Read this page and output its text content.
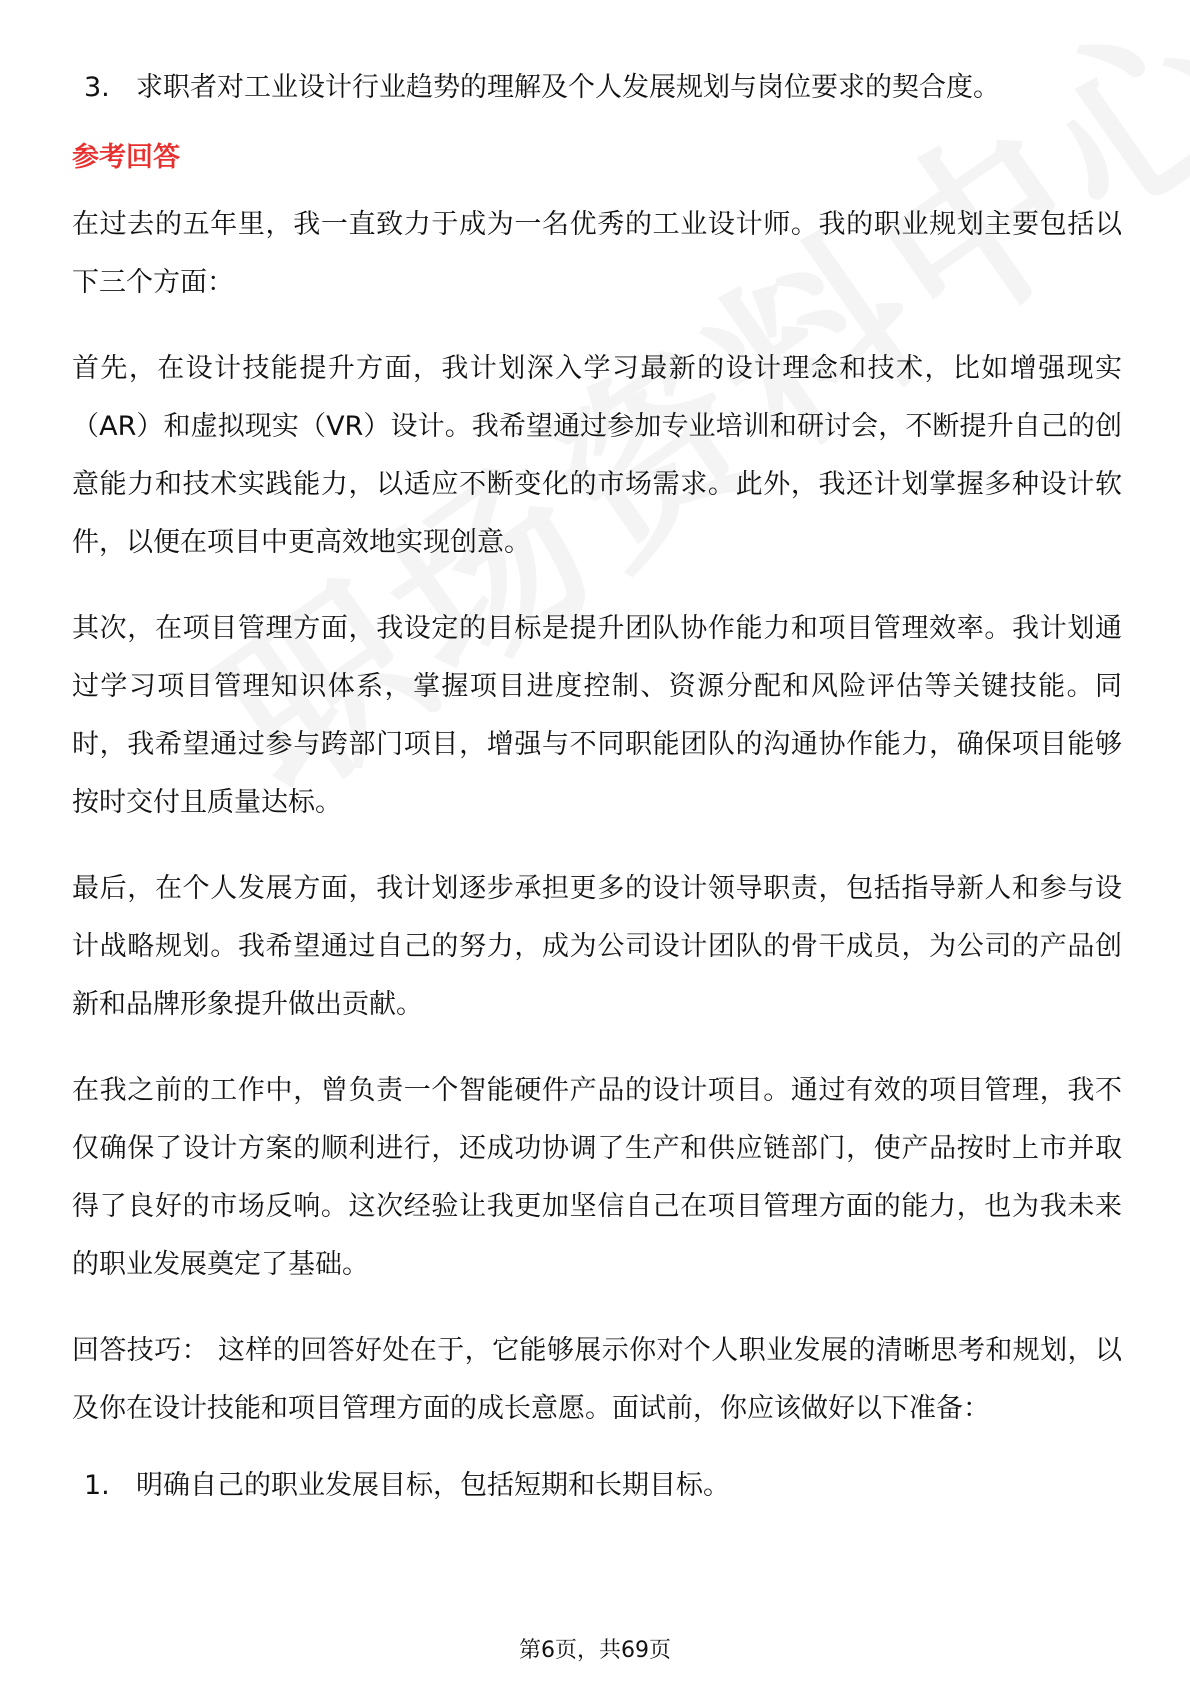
3. 求职者对工业设计行业趋势的理解及个人发展规划与岗位要求的契合度。
参考回答

在过去的五年里，我一直致力于成为一名优秀的工业设计师。我的职业规划主要包括以下三个方面：

首先，在设计技能提升方面，我计划深入学习最新的设计理念和技术，比如增强现实（AR）和虚拟现实（VR）设计。我希望通过参加专业培训和研讨会，不断提升自己的创意能力和技术实践能力，以适应不断变化的市场需求。此外，我还计划掌握多种设计软件，以便在项目中更高效地实现创意。

其次，在项目管理方面，我设定的目标是提升团队协作能力和项目管理效率。我计划通过学习项目管理知识体系，掌握项目进度控制、资源分配和风险评估等关键技能。同时，我希望通过参与跨部门项目，增强与不同职能团队的沟通协作能力，确保项目能够按时交付且质量达标。

最后，在个人发展方面，我计划逐步承担更多的设计领导职责，包括指导新人和参与设计战略规划。我希望通过自己的努力，成为公司设计团队的骨干成员，为公司的产品创新和品牌形象提升做出贡献。

在我之前的工作中，曾负责一个智能硬件产品的设计项目。通过有效的项目管理，我不仅确保了设计方案的顺利进行，还成功协调了生产和供应链部门，使产品按时上市并取得了良好的市场反响。这次经验让我更加坚信自己在项目管理方面的能力，也为我未来的职业发展奠定了基础。

回答技巧： 这样的回答好处在于，它能够展示你对个人职业发展的清晰思考和规划，以及你在设计技能和项目管理方面的成长意愿。面试前，你应该做好以下准备：

1. 明确自己的职业发展目标，包括短期和长期目标。
第6页，共69页
